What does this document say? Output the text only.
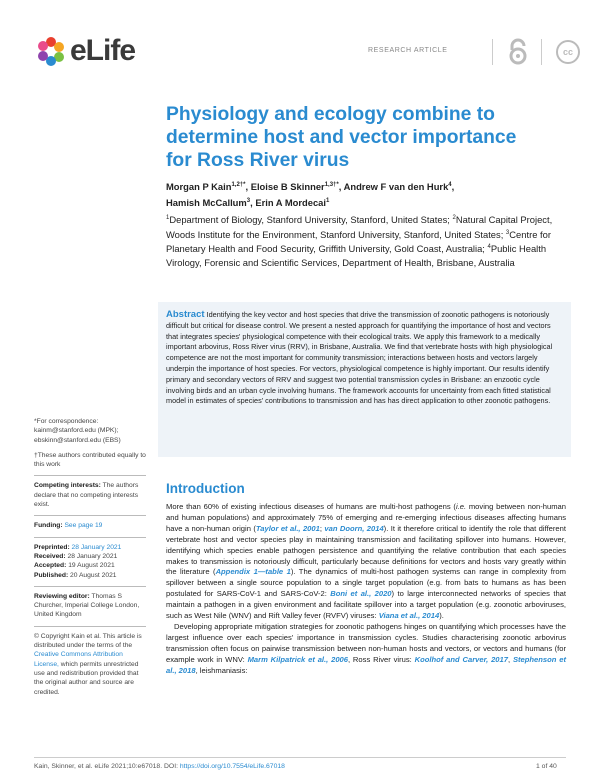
eLife	RESEARCH ARTICLE	cc
Physiology and ecology combine to determine host and vector importance for Ross River virus
Morgan P Kain$^{1,2\dagger*}$, Eloise B Skinner$^{1,3\dagger*}$, Andrew F van den Hurk$^4$,
Hamish McCallum$^3$, Erin A Mordecai$^1$
$^1$Department of Biology, Stanford University, Stanford, United States; $^2$Natural Capital Project, Woods Institute for the Environment, Stanford University, Stanford, United States; $^3$Centre for Planetary Health and Food Security, Griffith University, Gold Coast, Australia; $^4$Public Health Virology, Forensic and Scientific Services, Department of Health, Brisbane, Australia
Abstract Identifying the key vector and host species that drive the transmission of zoonotic pathogens is notoriously difficult but critical for disease control. We present a nested approach for quantifying the importance of host and vectors that integrates species' physiological competence with their ecological traits. We apply this framework to a medically important arbovirus, Ross River virus (RRV), in Brisbane, Australia. We find that vertebrate hosts with high physiological competence are not the most important for community transmission; interactions between hosts and vectors largely underpin the importance of host species. For vectors, physiological competence is highly important. Our results identify primary and secondary vectors of RRV and suggest two potential transmission cycles in Brisbane: an enzootic cycle involving birds and an urban cycle involving humans. The framework accounts for uncertainty from each fitted statistical model in estimates of species' contributions to transmission and has has direct application to other zoonotic pathogens.
*For correspondence:
kainm@stanford.edu (MPK);
ebskinn@stanford.edu (EBS)
†These authors contributed equally to this work
Competing interests: The authors declare that no competing interests exist.
Funding: See page 19
Preprinted: 28 January 2021
Received: 28 January 2021
Accepted: 19 August 2021
Published: 20 August 2021
Reviewing editor: Thomas S Churcher, Imperial College London, United Kingdom
© Copyright Kain et al. This article is distributed under the terms of the Creative Commons Attribution License, which permits unrestricted use and redistribution provided that the original author and source are credited.
Introduction

More than 60% of existing infectious diseases of humans are multi-host pathogens (i.e. moving between non-human and human populations) and approximately 75% of emerging and re-emerging infectious diseases affecting humans have a non-human origin (Taylor et al., 2001; van Doorn, 2014). It it therefore critical to identify the role that different vertebrate host and vector species play in maintaining transmission and facilitating spillover into humans. However, identifying which species enable pathogen persistence and quantifying the relative contribution that each species makes to transmission is notoriously difficult, particularly because definitions for vectors and hosts vary greatly within the literature (Appendix 1—table 1). The dynamics of multi-host pathogen systems can range in complexity from spillover between a single source population to a single target population (e.g. from bats to humans as has been postulated for SARS-CoV-1 and SARS-CoV-2: Boni et al., 2020) to large interconnected networks of species that maintain a pathogen in a given environment and facilitate spillover into a target population (e.g. zoonotic arboviruses, such as West Nile (WNV) and Rift Valley fever (RVFV) viruses: Viana et al., 2014).

Developing appropriate mitigation strategies for zoonotic pathogens hinges on quantifying which processes have the largest influence over each species' importance in transmission cycles. Studies characterising zoonotic arbovirus transmission often focus on pairwise transmission between non-human hosts and vectors, or vectors and humans (for example work in WNV: Marm Kilpatrick et al., 2006, Ross River virus: Koolhof and Carver, 2017, Stephenson et al., 2018, leishmaniasis:

Kain, Skinner, et al. eLife 2021;10:e67018. DOI: https://doi.org/10.7554/eLife.67018	1 of 40
